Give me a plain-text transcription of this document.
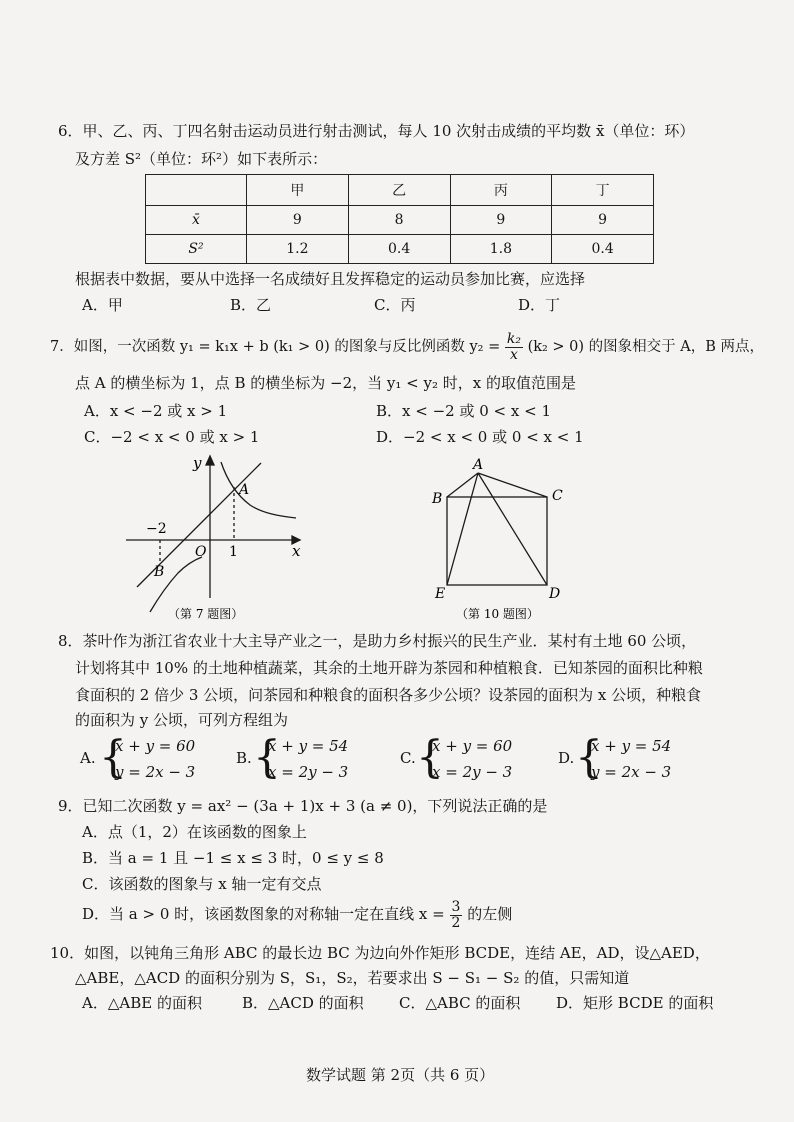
6．甲、乙、丙、丁四名射击运动员进行射击测试，每人 10 次射击成绩的平均数 x̄（单位：环）
及方差 S²（单位：环²）如下表所示：
	甲	乙	丙	丁
x̄	9	8	9	9
S²	1.2	0.4	1.8	0.4
根据表中数据，要从中选择一名成绩好且发挥稳定的运动员参加比赛，应选择
A．甲	B．乙	C．丙	D．丁
7．如图，一次函数 y₁ = k₁x + b (k₁ > 0) 的图象与反比例函数 $y_2 = \frac{\text{k₂}}{x} (k_2 > 0)$ 的图象相交于 A，B 两点，
点 A 的横坐标为 1，点 B 的横坐标为 −2，当 y₁ < y₂ 时，x 的取值范围是
A．x < −2 或 x > 1	B．x < −2 或 0 < x < 1
C．−2 < x < 0 或 x > 1	D．−2 < x < 0 或 0 < x < 1
y
x
O
A
B
−2
1
（第 7 题图）
A
B	C
D
E
（第 10 题图）
8．茶叶作为浙江省农业十大主导产业之一，是助力乡村振兴的民生产业．某村有土地 60 公顷，
计划将其中 10% 的土地种植蔬菜，其余的土地开辟为茶园和种植粮食．已知茶园的面积比种粮
食面积的 2 倍少 3 公顷，问茶园和种粮食的面积各多少公顷？设茶园的面积为 x 公顷，种粮食
的面积为 y 公顷，可列方程组为
A. {
x + y = 60
y = 2x − 3
B. {
x + y = 54
x = 2y − 3
C. {
x + y = 60
x = 2y − 3
D. {
x + y = 54
y = 2x − 3
9．已知二次函数 y = ax² − (3a + 1)x + 3 (a ≠ 0)，下列说法正确的是
A．点（1，2）在该函数的图象上
B．当 a = 1 且 −1 ≤ x ≤ 3 时，0 ≤ y ≤ 8
C．该函数的图象与 x 轴一定有交点
D．当 a > 0 时，该函数图象的对称轴一定在直线 $x = \frac{3}{2}$ 的左侧
10．如图，以钝角三角形 ABC 的最长边 BC 为边向外作矩形 BCDE，连结 AE，AD，设△AED，
△ABE，△ACD 的面积分别为 S，S₁，S₂，若要求出 S − S₁ − S₂ 的值，只需知道
A．△ABE 的面积	B．△ACD 的面积 C．△ABC 的面积 D．矩形 BCDE 的面积
数学试题 第 2页（共 6 页）
